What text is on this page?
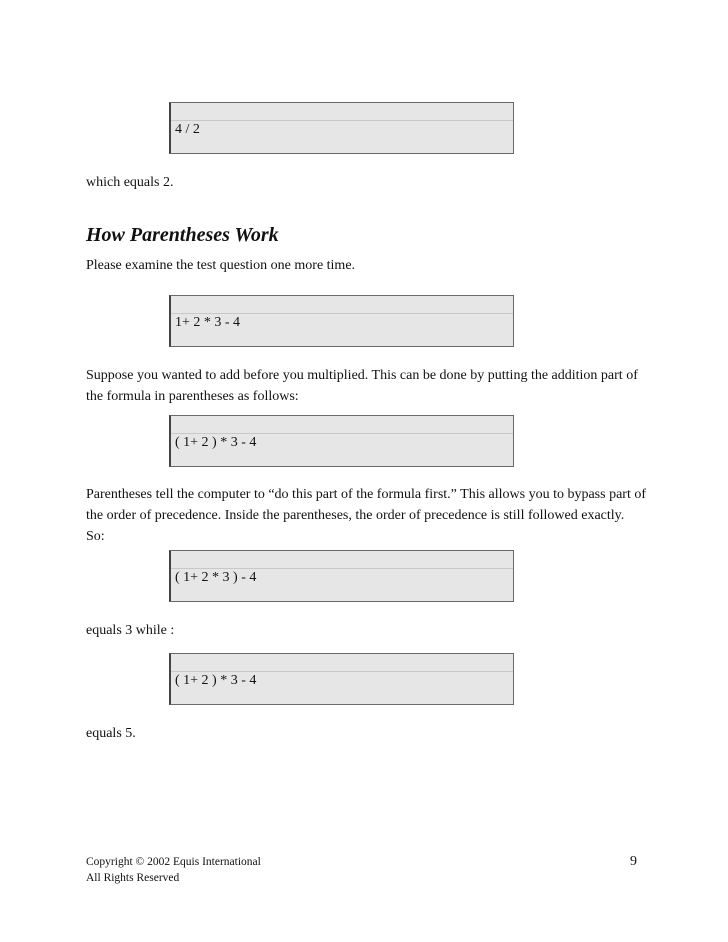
4 / 2

which equals 2.

How Parentheses Work

Please examine the test question one more time.

1+ 2 * 3 - 4

Suppose you wanted to add before you multiplied. This can be done by putting the addition part of the formula in parentheses as follows:

( 1+ 2 ) * 3 - 4

Parentheses tell the computer to “do this part of the formula first.” This allows you to bypass part of the order of precedence. Inside the parentheses, the order of precedence is still followed exactly. So:

( 1+ 2 * 3 ) - 4

equals 3 while :

( 1+ 2 ) * 3 - 4

equals 5.

Copyright © 2002 Equis International
All Rights Reserved
9
